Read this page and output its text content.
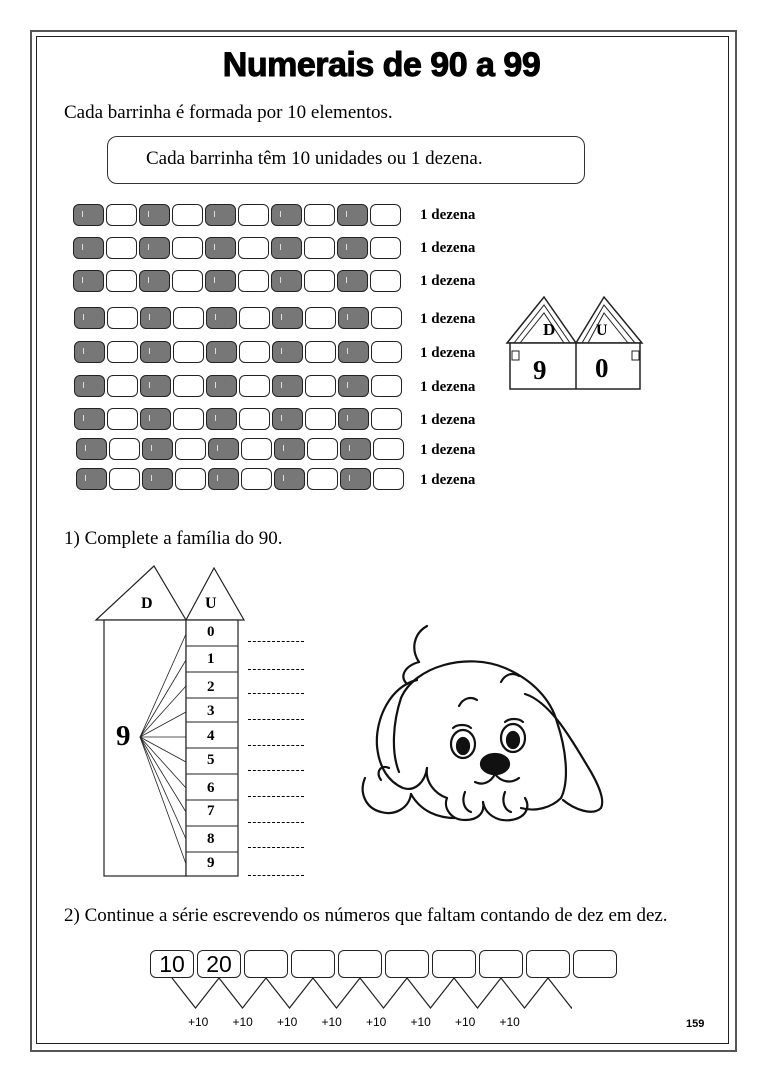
Numerais de 90 a 99
Cada barrinha é formada por 10 elementos.
Cada barrinha têm 10 unidades ou 1 dezena.
1 dezena
1 dezena
1 dezena
1 dezena
1 dezena
1 dezena
1 dezena
1 dezena
1 dezena
D	U
9 0
1) Complete a família do 90.
D	U
9
0
1
2
3
4
5
6
7
8
9
2) Continue a série escrevendo os números que faltam contando de dez em dez.
10 20
+10 +10 +10 +10 +10 +10 +10 +10	159
